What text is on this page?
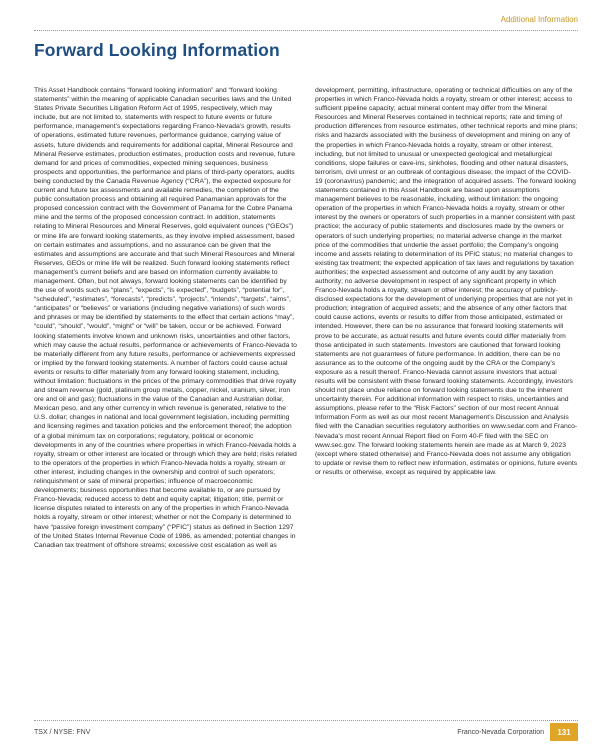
Additional Information
Forward Looking Information

This Asset Handbook contains “forward looking information” and “forward looking statements” within the meaning of applicable Canadian securities laws and the United States Private Securities Litigation Reform Act of 1995, respectively, which may include, but are not limited to, statements with respect to future events or future performance, management’s expectations regarding Franco-Nevada’s growth, results of operations, estimated future revenues, performance guidance, carrying value of assets, future dividends and requirements for additional capital, Mineral Resource and Mineral Reserve estimates, production estimates, production costs and revenue, future demand for and prices of commodities, expected mining sequences, business prospects and opportunities, the performance and plans of third-party operators, audits being conducted by the Canada Revenue Agency (“CRA”), the expected exposure for current and future tax assessments and available remedies, the completion of the public consultation process and obtaining all required Panamanian approvals for the proposed concession contract with the Government of Panama for the Cobre Panama mine and the terms of the proposed concession contract. In addition, statements relating to Mineral Resources and Mineral Reserves, gold equivalent ounces (“GEOs”) or mine life are forward looking statements, as they involve implied assessment, based on certain estimates and assumptions, and no assurance can be given that the estimates and assumptions are accurate and that such Mineral Resources and Mineral Reserves, GEOs or mine life will be realized. Such forward looking statements reflect management’s current beliefs and are based on information currently available to management. Often, but not always, forward looking statements can be identified by the use of words such as “plans”, “expects”, “is expected”, “budgets”, “potential for”, “scheduled”, “estimates”, “forecasts”, “predicts”, “projects”, “intends”, “targets”, “aims”, “anticipates” or “believes” or variations (including negative variations) of such words and phrases or may be identified by statements to the effect that certain actions “may”, “could”, “should”, “would”, “might” or “will” be taken, occur or be achieved. Forward looking statements involve known and unknown risks, uncertainties and other factors, which may cause the actual results, performance or achievements of Franco-Nevada to be materially different from any future results, performance or achievements expressed or implied by the forward looking statements. A number of factors could cause actual events or results to differ materially from any forward looking statement, including, without limitation: fluctuations in the prices of the primary commodities that drive royalty and stream revenue (gold, platinum group metals, copper, nickel, uranium, silver, iron ore and oil and gas); fluctuations in the value of the Canadian and Australian dollar, Mexican peso, and any other currency in which revenue is generated, relative to the U.S. dollar; changes in national and local government legislation, including permitting and licensing regimes and taxation policies and the enforcement thereof; the adoption of a global minimum tax on corporations; regulatory, political or economic developments in any of the countries where properties in which Franco-Nevada holds a royalty, stream or other interest are located or through which they are held; risks related to the operators of the properties in which Franco-Nevada holds a royalty, stream or other interest, including changes in the ownership and control of such operators; relinquishment or sale of mineral properties; influence of macroeconomic developments; business opportunities that become available to, or are pursued by Franco-Nevada; reduced access to debt and equity capital; litigation; title, permit or license disputes related to interests on any of the properties in which Franco-Nevada holds a royalty, stream or other interest; whether or not the Company is determined to have “passive foreign investment company” (“PFIC”) status as defined in Section 1297 of the United States Internal Revenue Code of 1986, as amended; potential changes in Canadian tax treatment of offshore streams; excessive cost escalation as well as development, permitting, infrastructure, operating or technical difficulties on any of the properties in which Franco-Nevada holds a royalty, stream or other interest; access to sufficient pipeline capacity; actual mineral content may differ from the Mineral Resources and Mineral Reserves contained in technical reports; rate and timing of production differences from resource estimates, other technical reports and mine plans; risks and hazards associated with the business of development and mining on any of the properties in which Franco-Nevada holds a royalty, stream or other interest, including, but not limited to unusual or unexpected geological and metallurgical conditions, slope failures or cave-ins, sinkholes, flooding and other natural disasters, terrorism, civil unrest or an outbreak of contagious disease; the impact of the COVID-19 (coronavirus) pandemic; and the integration of acquired assets. The forward looking statements contained in this Asset Handbook are based upon assumptions management believes to be reasonable, including, without limitation: the ongoing operation of the properties in which Franco-Nevada holds a royalty, stream or other interest by the owners or operators of such properties in a manner consistent with past practice; the accuracy of public statements and disclosures made by the owners or operators of such underlying properties; no material adverse change in the market price of the commodities that underlie the asset portfolio; the Company’s ongoing income and assets relating to determination of its PFIC status; no material changes to existing tax treatment; the expected application of tax laws and regulations by taxation authorities; the expected assessment and outcome of any audit by any taxation authority; no adverse development in respect of any significant property in which Franco-Nevada holds a royalty, stream or other interest; the accuracy of publicly-disclosed expectations for the development of underlying properties that are not yet in production; integration of acquired assets; and the absence of any other factors that could cause actions, events or results to differ from those anticipated, estimated or intended. However, there can be no assurance that forward looking statements will prove to be accurate, as actual results and future events could differ materially from those anticipated in such statements. Investors are cautioned that forward looking statements are not guarantees of future performance. In addition, there can be no assurance as to the outcome of the ongoing audit by the CRA or the Company’s exposure as a result thereof. Franco-Nevada cannot assure investors that actual results will be consistent with these forward looking statements. Accordingly, investors should not place undue reliance on forward looking statements due to the inherent uncertainty therein. For additional information with respect to risks, uncertainties and assumptions, please refer to the “Risk Factors” section of our most recent Annual Information Form as well as our most recent Management’s Discussion and Analysis filed with the Canadian securities regulatory authorities on www.sedar.com and Franco-Nevada’s most recent Annual Report filed on Form 40-F filed with the SEC on www.sec.gov. The forward looking statements herein are made as at March 9, 2023 (except where stated otherwise) and Franco-Nevada does not assume any obligation to update or revise them to reflect new information, estimates or opinions, future events or results or otherwise, except as required by applicable law.

TSX / NYSE: FNV	Franco-Nevada Corporation	131
